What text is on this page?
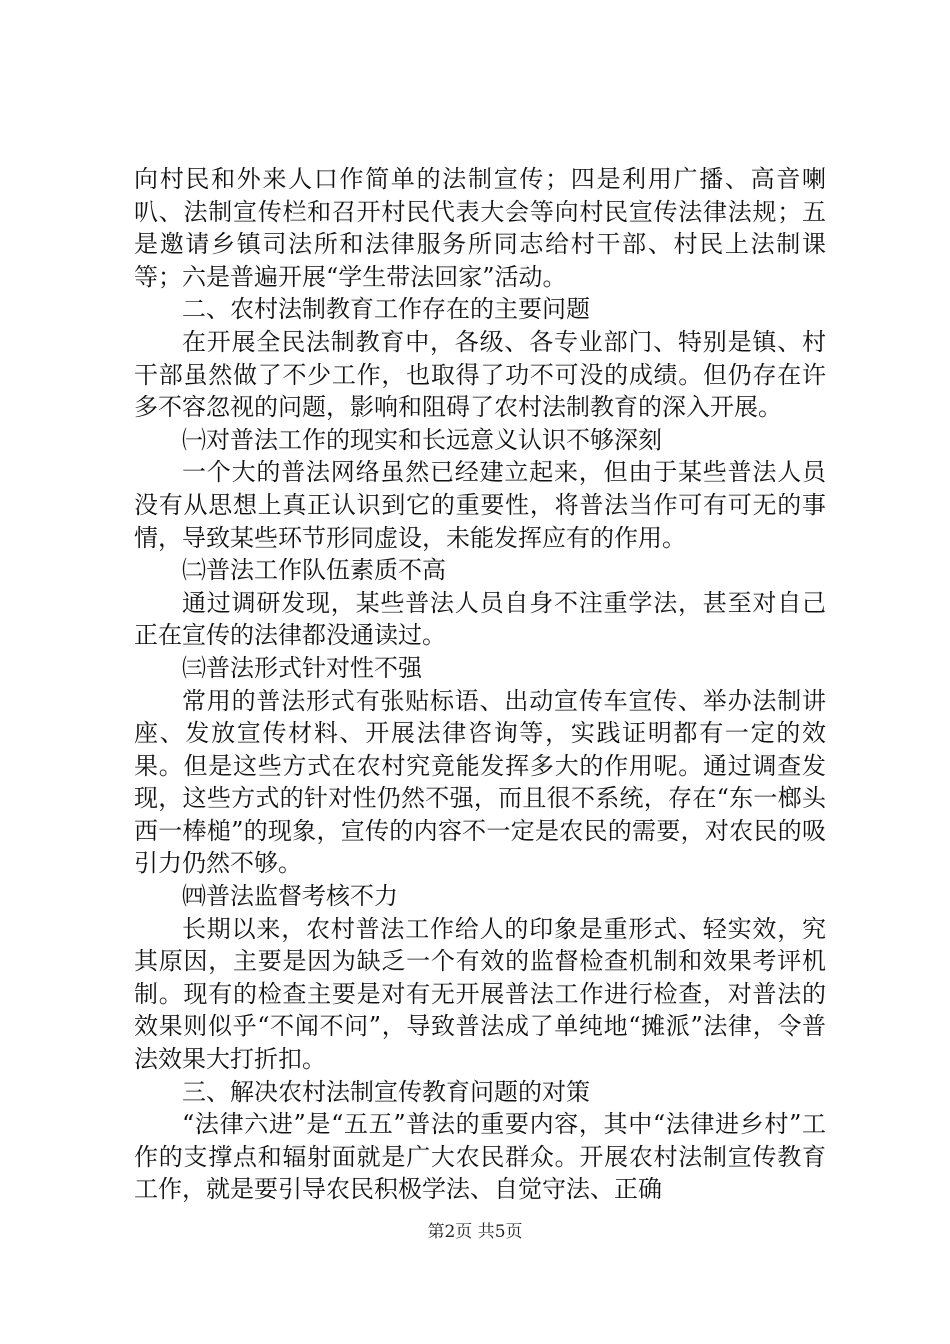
向村民和外来人口作简单的法制宣传；四是利用广播、高音喇叭、法制宣传栏和召开村民代表大会等向村民宣传法律法规；五是邀请乡镇司法所和法律服务所同志给村干部、村民上法制课等；六是普遍开展“学生带法回家”活动。

二、农村法制教育工作存在的主要问题

在开展全民法制教育中，各级、各专业部门、特别是镇、村干部虽然做了不少工作，也取得了功不可没的成绩。但仍存在许多不容忽视的问题，影响和阻碍了农村法制教育的深入开展。

㈠对普法工作的现实和长远意义认识不够深刻

一个大的普法网络虽然已经建立起来，但由于某些普法人员没有从思想上真正认识到它的重要性，将普法当作可有可无的事情，导致某些环节形同虚设，未能发挥应有的作用。

㈡普法工作队伍素质不高

通过调研发现，某些普法人员自身不注重学法，甚至对自己正在宣传的法律都没通读过。

㈢普法形式针对性不强

常用的普法形式有张贴标语、出动宣传车宣传、举办法制讲座、发放宣传材料、开展法律咨询等，实践证明都有一定的效果。但是这些方式在农村究竟能发挥多大的作用呢。通过调查发现，这些方式的针对性仍然不强，而且很不系统，存在“东一榔头西一棒槌”的现象，宣传的内容不一定是农民的需要，对农民的吸引力仍然不够。

㈣普法监督考核不力

长期以来，农村普法工作给人的印象是重形式、轻实效，究其原因，主要是因为缺乏一个有效的监督检查机制和效果考评机制。现有的检查主要是对有无开展普法工作进行检查，对普法的效果则似乎“不闻不问”，导致普法成了单纯地“摊派”法律，令普法效果大打折扣。

三、解决农村法制宣传教育问题的对策

“法律六进”是“五五”普法的重要内容，其中“法律进乡村”工作的支撑点和辐射面就是广大农民群众。开展农村法制宣传教育工作，就是要引导农民积极学法、自觉守法、正确

第2页 共5页
